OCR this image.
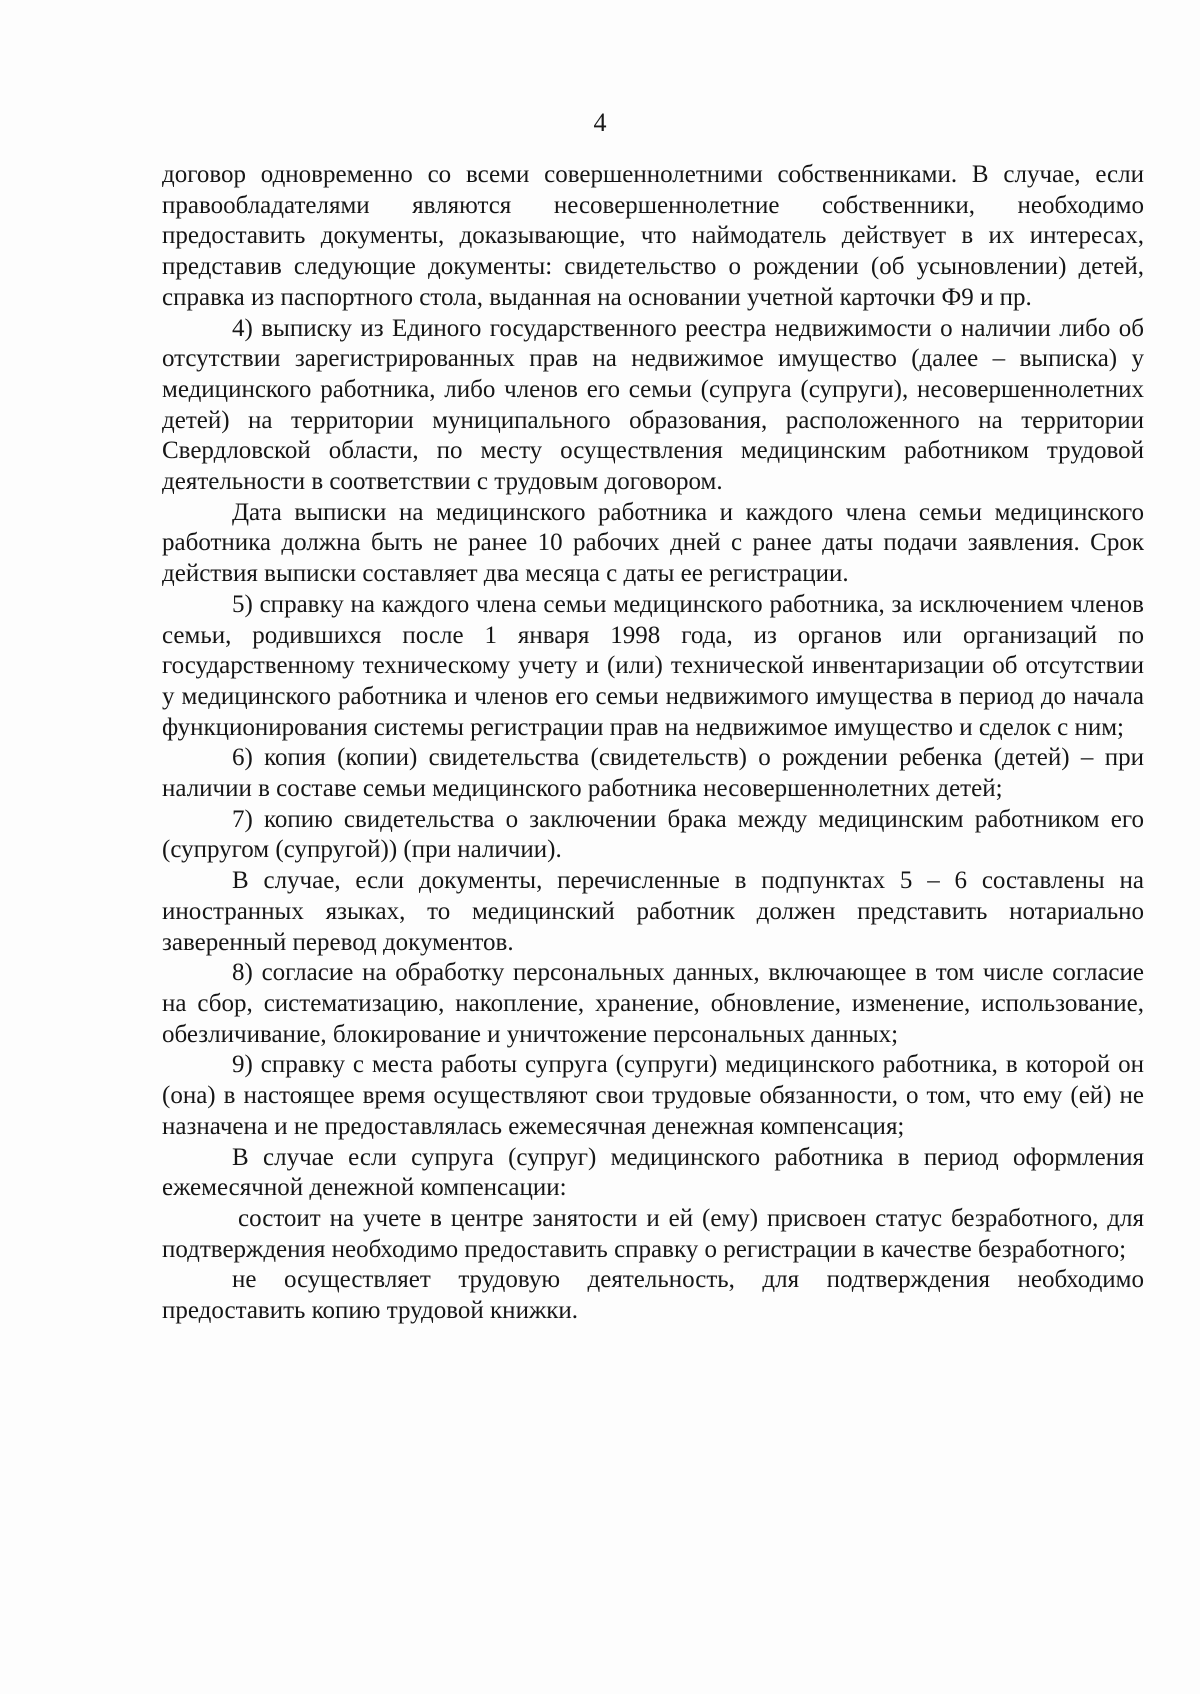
4

договор одновременно со всеми совершеннолетними собственниками. В случае, если правообладателями являются несовершеннолетние собственники, необходимо предоставить документы, доказывающие, что наймодатель действует в их интересах, представив следующие документы: свидетельство о рождении (об усыновлении) детей, справка из паспортного стола, выданная на основании учетной карточки Ф9 и пр.

4) выписку из Единого государственного реестра недвижимости о наличии либо об отсутствии зарегистрированных прав на недвижимое имущество (далее – выписка) у медицинского работника, либо членов его семьи (супруга (супруги), несовершеннолетних детей) на территории муниципального образования, расположенного на территории Свердловской области, по месту осуществления медицинским работником трудовой деятельности в соответствии с трудовым договором.

Дата выписки на медицинского работника и каждого члена семьи медицинского работника должна быть не ранее 10 рабочих дней с ранее даты подачи заявления. Срок действия выписки составляет два месяца с даты ее регистрации.

5) справку на каждого члена семьи медицинского работника, за исключением членов семьи, родившихся после 1 января 1998 года, из органов или организаций по государственному техническому учету и (или) технической инвентаризации об отсутствии у медицинского работника и членов его семьи недвижимого имущества в период до начала функционирования системы регистрации прав на недвижимое имущество и сделок с ним;

6) копия (копии) свидетельства (свидетельств) о рождении ребенка (детей) – при наличии в составе семьи медицинского работника несовершеннолетних детей;

7) копию свидетельства о заключении брака между медицинским работником его (супругом (супругой)) (при наличии).

В случае, если документы, перечисленные в подпунктах 5 – 6 составлены на иностранных языках, то медицинский работник должен представить нотариально заверенный перевод документов.

8) согласие на обработку персональных данных, включающее в том числе согласие на сбор, систематизацию, накопление, хранение, обновление, изменение, использование, обезличивание, блокирование и уничтожение персональных данных;

9) справку с места работы супруга (супруги) медицинского работника, в которой он (она) в настоящее время осуществляют свои трудовые обязанности, о том, что ему (ей) не назначена и не предоставлялась ежемесячная денежная компенсация;

В случае если супруга (супруг) медицинского работника в период оформления ежемесячной денежной компенсации:

состоит на учете в центре занятости и ей (ему) присвоен статус безработного, для подтверждения необходимо предоставить справку о регистрации в качестве безработного;

не осуществляет трудовую деятельность, для подтверждения необходимо предоставить копию трудовой книжки.
